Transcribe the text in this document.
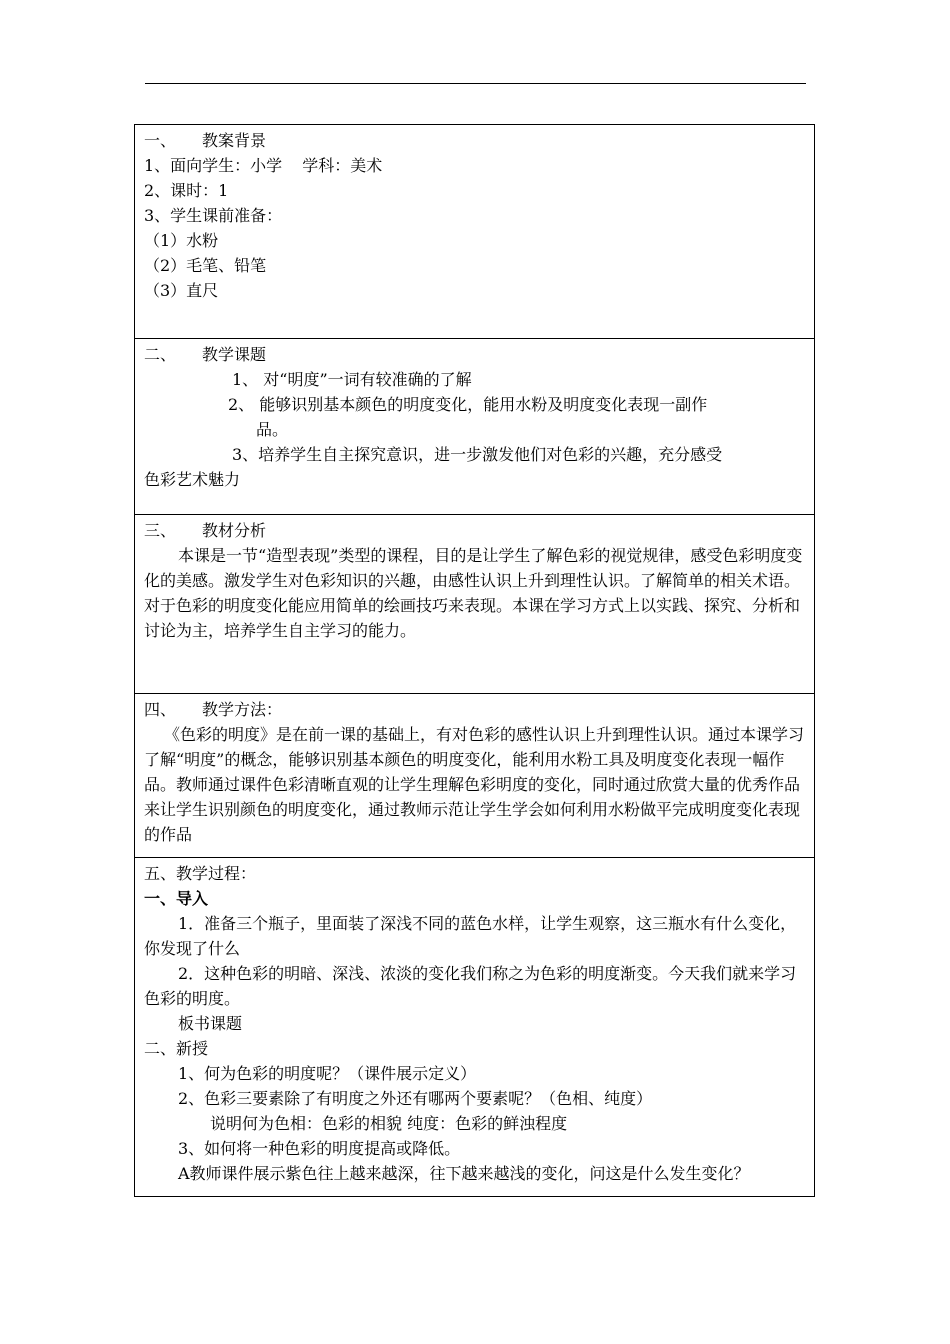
一、 教案背景
1、面向学生：小学 学科：美术
2、课时：1
3、学生课前准备：
（1）水粉
（2）毛笔、铅笔
（3）直尺

二、 教学课题
1、 对“明度”一词有较准确的了解
2、 能够识别基本颜色的明度变化，能用水粉及明度变化表现一副作
品。
3、培养学生自主探究意识，进一步激发他们对色彩的兴趣，充分感受
色彩艺术魅力

三、 教材分析
本课是一节“造型表现”类型的课程，目的是让学生了解色彩的视觉规律，感受色彩明度变化的美感。激发学生对色彩知识的兴趣，由感性认识上升到理性认识。了解简单的相关术语。对于色彩的明度变化能应用简单的绘画技巧来表现。本课在学习方式上以实践、探究、分析和讨论为主，培养学生自主学习的能力。

四、 教学方法：
《色彩的明度》是在前一课的基础上，有对色彩的感性认识上升到理性认识。通过本课学习了解“明度”的概念，能够识别基本颜色的明度变化，能利用水粉工具及明度变化表现一幅作品。教师通过课件色彩清晰直观的让学生理解色彩明度的变化，同时通过欣赏大量的优秀作品来让学生识别颜色的明度变化，通过教师示范让学生学会如何利用水粉做平完成明度变化表现的作品

五、教学过程：
一、导入
1．准备三个瓶子，里面装了深浅不同的蓝色水样，让学生观察，这三瓶水有什么变化，你发现了什么
2．这种色彩的明暗、深浅、浓淡的变化我们称之为色彩的明度渐变。今天我们就来学习色彩的明度。
板书课题
二、新授
1、何为色彩的明度呢？（课件展示定义）
2、色彩三要素除了有明度之外还有哪两个要素呢？（色相、纯度）
说明何为色相：色彩的相貌 纯度：色彩的鲜浊程度
3、如何将一种色彩的明度提高或降低。
A教师课件展示紫色往上越来越深，往下越来越浅的变化，问这是什么发生变化？
